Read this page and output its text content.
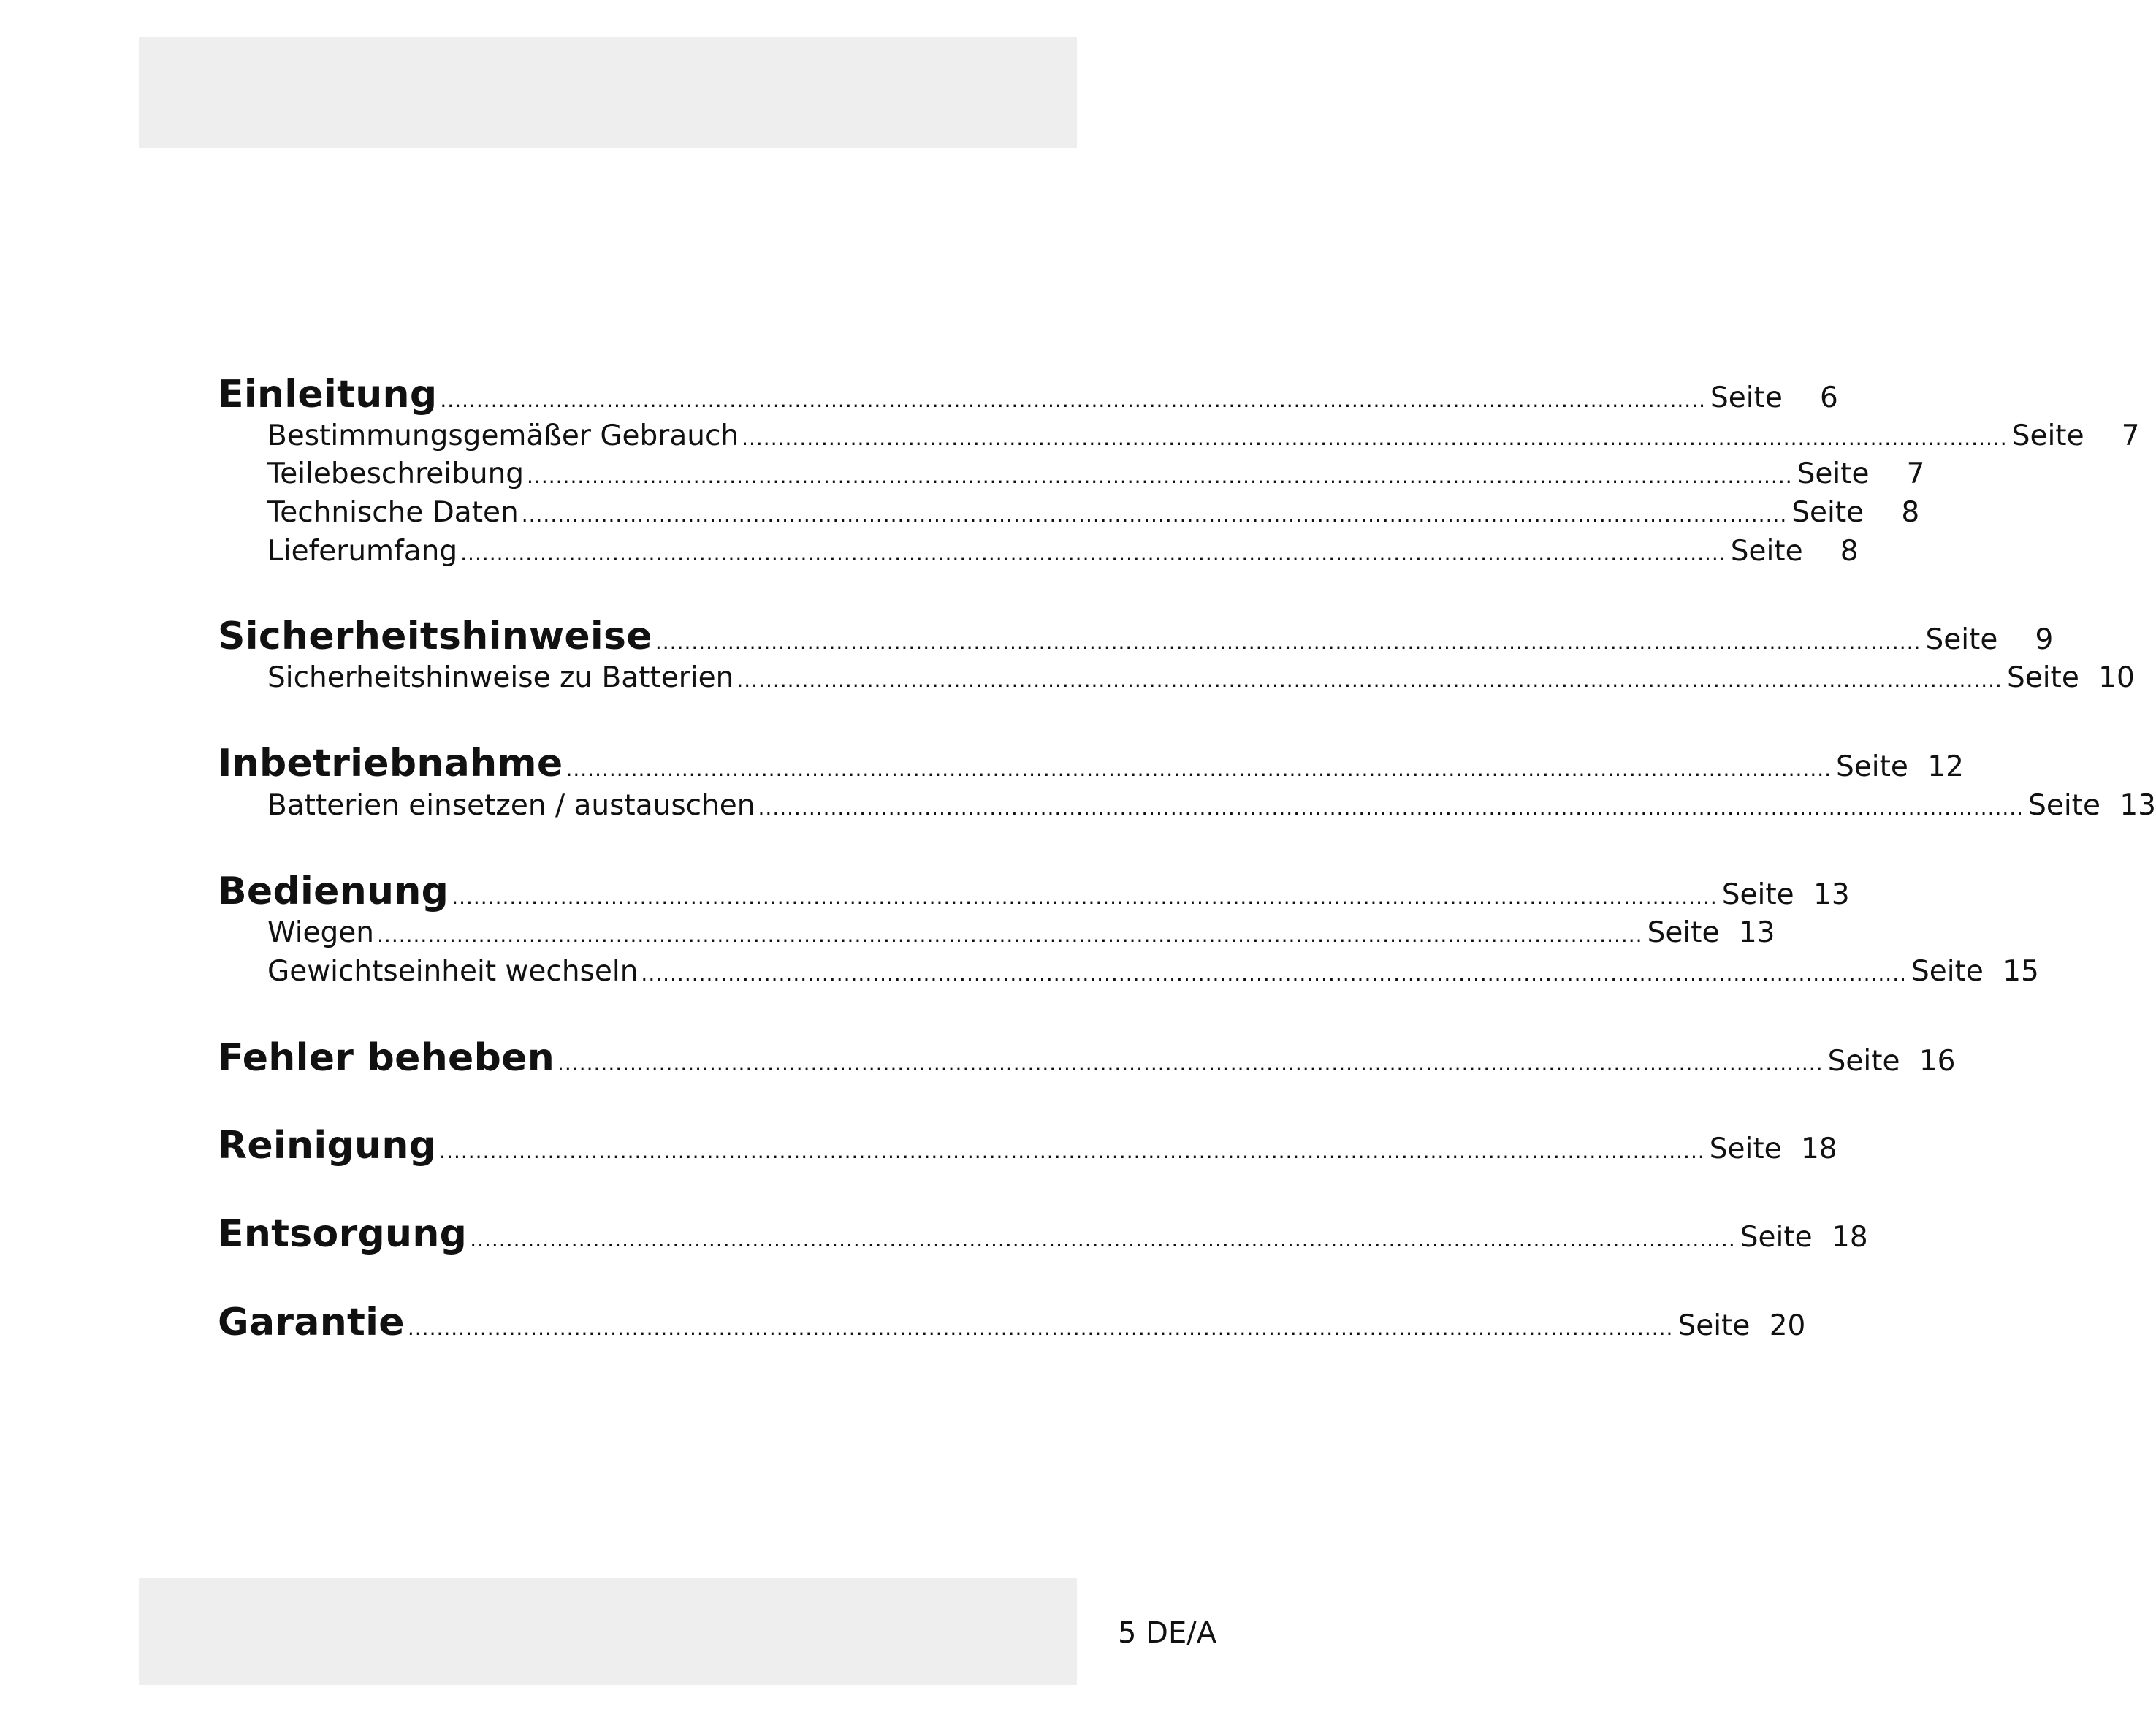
Einleitung .....	Seite	6
Bestimmungsgemäßer Gebrauch .....	Seite	7
Teilebeschreibung .....	Seite	7
Technische Daten .....	Seite	8
Lieferumfang .....	Seite	8
Sicherheitshinweise .....	Seite	9
Sicherheitshinweise zu Batterien .....	Seite 10
Inbetriebnahme .....	Seite 12
Batterien einsetzen / austauschen .....	Seite 13
Bedienung .....	Seite 13
Wiegen .....	Seite 13
Gewichtseinheit wechseln .....	Seite 15
Fehler beheben .....	Seite 16
Reinigung .....	Seite 18
Entsorgung .....	Seite 18
Garantie .....	Seite 20
5 DE/A
